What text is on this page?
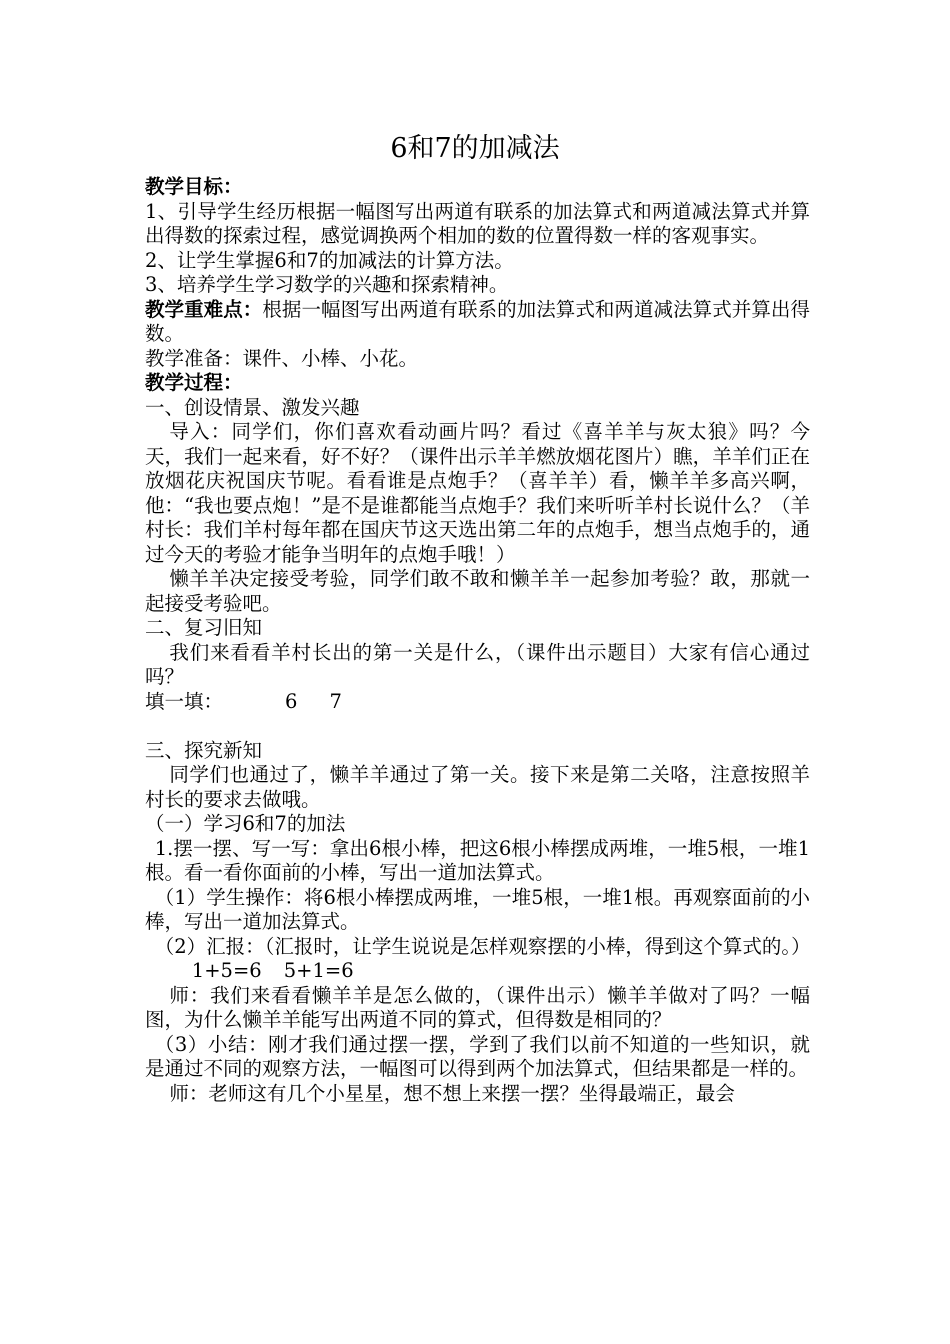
6和7的加减法

教学目标：

1、引导学生经历根据一幅图写出两道有联系的加法算式和两道减法算式并算出得数的探索过程，感觉调换两个相加的数的位置得数一样的客观事实。

2、让学生掌握6和7的加减法的计算方法。

3、培养学生学习数学的兴趣和探索精神。

教学重难点：根据一幅图写出两道有联系的加法算式和两道减法算式并算出得数。

教学准备：课件、小棒、小花。

教学过程：

一、创设情景、激发兴趣

导入：同学们，你们喜欢看动画片吗？看过《喜羊羊与灰太狼》吗？今天，我们一起来看，好不好？（课件出示羊羊燃放烟花图片）瞧，羊羊们正在放烟花庆祝国庆节呢。看看谁是点炮手？（喜羊羊）看，懒羊羊多高兴啊，他：“我也要点炮！”是不是谁都能当点炮手？我们来听听羊村长说什么？（羊村长：我们羊村每年都在国庆节这天选出第二年的点炮手，想当点炮手的，通过今天的考验才能争当明年的点炮手哦！）

懒羊羊决定接受考验，同学们敢不敢和懒羊羊一起参加考验？敢，那就一起接受考验吧。

二、复习旧知

我们来看看羊村长出的第一关是什么，（课件出示题目）大家有信心通过吗？

填一填：	6 7

三、探究新知

同学们也通过了，懒羊羊通过了第一关。接下来是第二关咯，注意按照羊村长的要求去做哦。

（一）学习6和7的加法

1.摆一摆、写一写：拿出6根小棒，把这6根小棒摆成两堆，一堆5根，一堆1根。看一看你面前的小棒，写出一道加法算式。

（1）学生操作：将6根小棒摆成两堆，一堆5根，一堆1根。再观察面前的小棒，写出一道加法算式。

（2）汇报：（汇报时，让学生说说是怎样观察摆的小棒，得到这个算式的。）

1+5=6 5+1=6

师：我们来看看懒羊羊是怎么做的，（课件出示）懒羊羊做对了吗？一幅图，为什么懒羊羊能写出两道不同的算式，但得数是相同的？

（3）小结：刚才我们通过摆一摆，学到了我们以前不知道的一些知识，就是通过不同的观察方法，一幅图可以得到两个加法算式，但结果都是一样的。

师：老师这有几个小星星，想不想上来摆一摆？坐得最端正，最会
